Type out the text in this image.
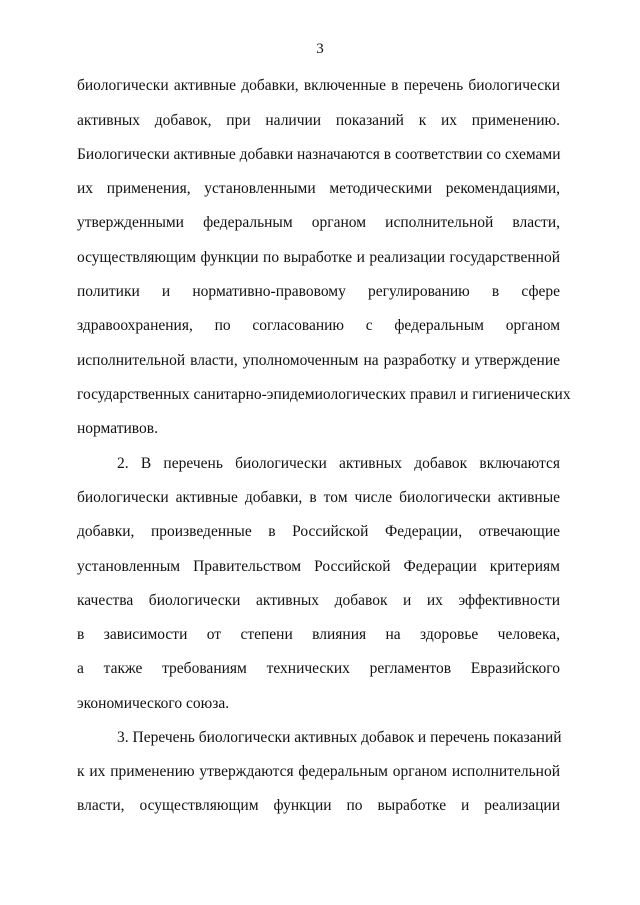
3
биологически активные добавки, включенные в перечень биологически
активных добавок, при наличии показаний к их применению.
Биологически активные добавки назначаются в соответствии со схемами
их применения, установленными методическими рекомендациями,
утвержденными федеральным органом исполнительной власти,
осуществляющим функции по выработке и реализации государственной
политики и нормативно-правовому регулированию в сфере
здравоохранения, по согласованию с федеральным органом
исполнительной власти, уполномоченным на разработку и утверждение
государственных санитарно-эпидемиологических правил и гигиенических
нормативов.
2. В перечень биологически активных добавок включаются
биологически активные добавки, в том числе биологически активные
добавки, произведенные в Российской Федерации, отвечающие
установленным Правительством Российской Федерации критериям
качества биологически активных добавок и их эффективности
в зависимости от степени влияния на здоровье человека,
а также требованиям технических регламентов Евразийского
экономического союза.
3. Перечень биологически активных добавок и перечень показаний
к их применению утверждаются федеральным органом исполнительной
власти, осуществляющим функции по выработке и реализации
